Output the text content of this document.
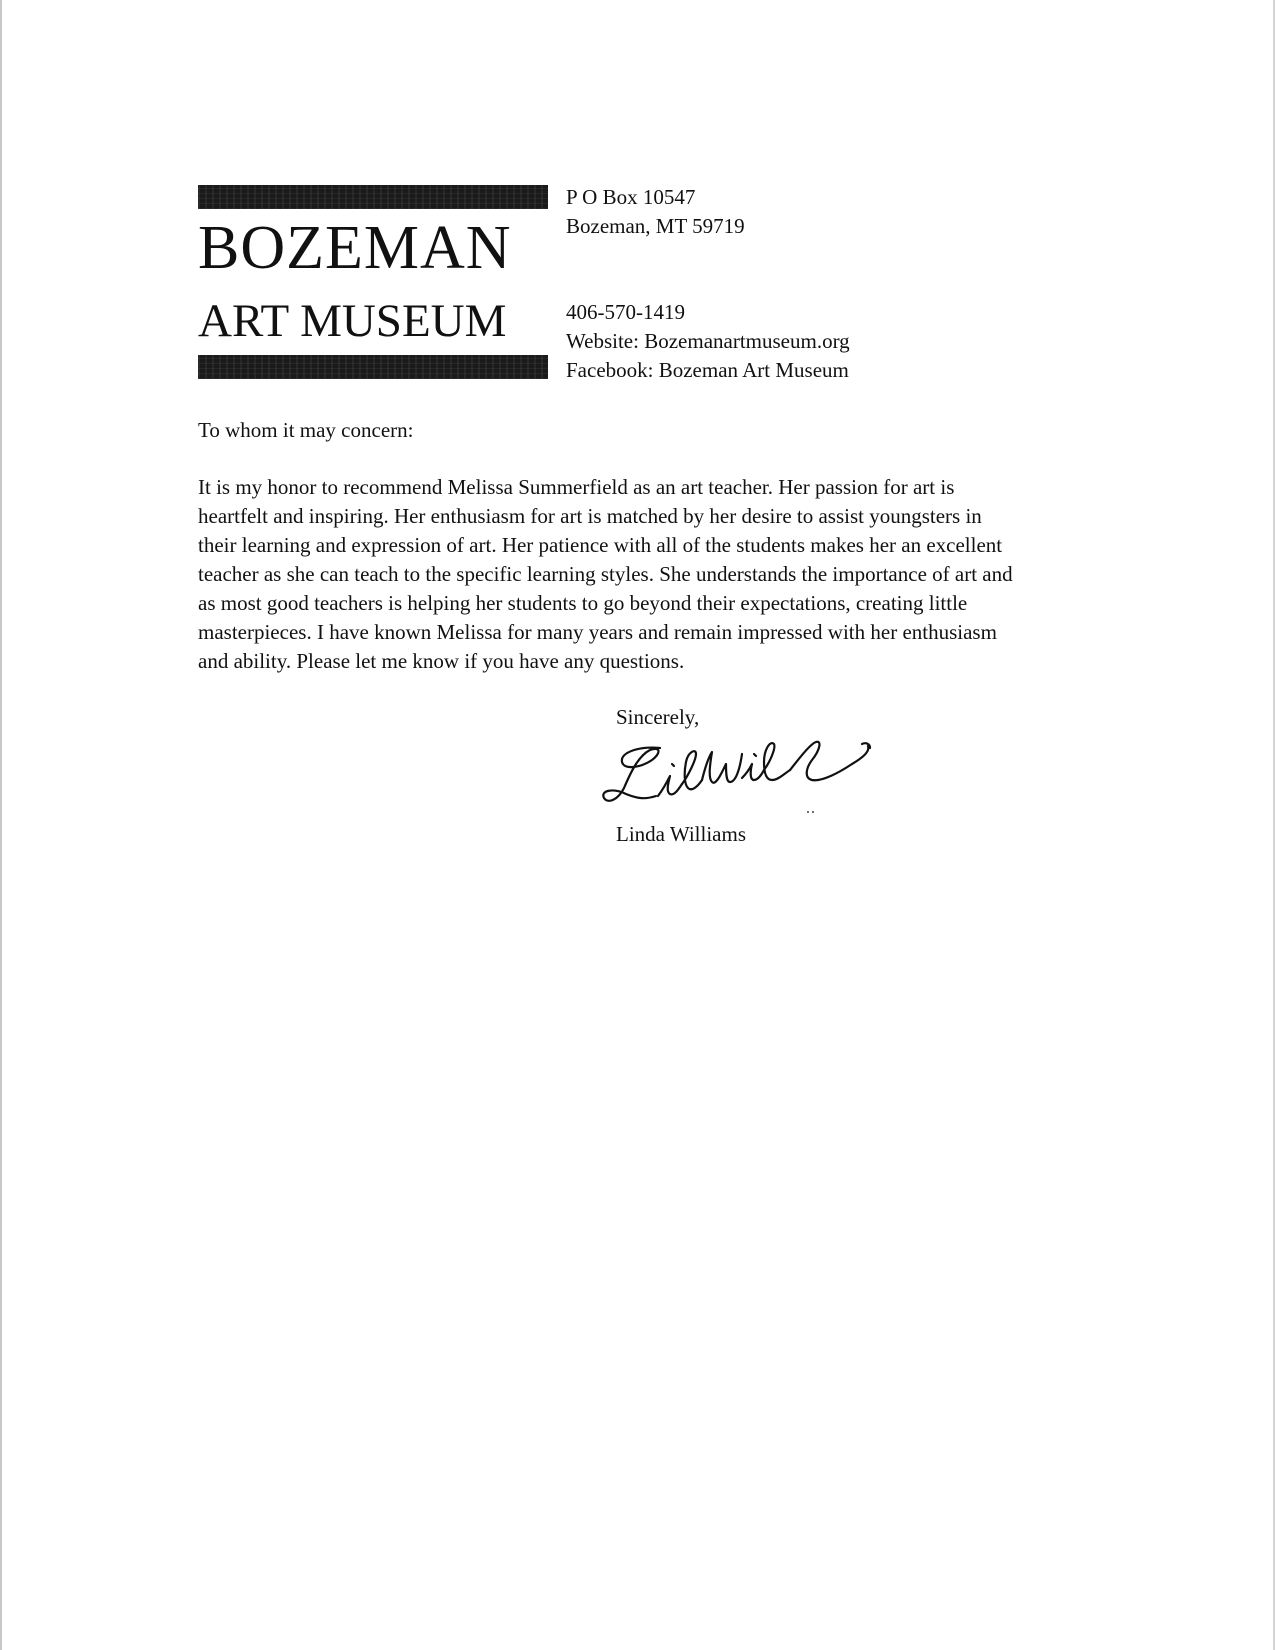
BOZEMAN
ART MUSEUM
P O Box 10547
Bozeman, MT 59719
406-570-1419
Website: Bozemanartmuseum.org
Facebook: Bozeman Art Museum
To whom it may concern:
It is my honor to recommend Melissa Summerfield as an art teacher. Her passion for art is
heartfelt and inspiring. Her enthusiasm for art is matched by her desire to assist youngsters in
their learning and expression of art. Her patience with all of the students makes her an excellent
teacher as she can teach to the specific learning styles. She understands the importance of art and
as most good teachers is helping her students to go beyond their expectations, creating little
masterpieces. I have known Melissa for many years and remain impressed with her enthusiasm
and ability. Please let me know if you have any questions.
Sincerely,
Linda Williams
